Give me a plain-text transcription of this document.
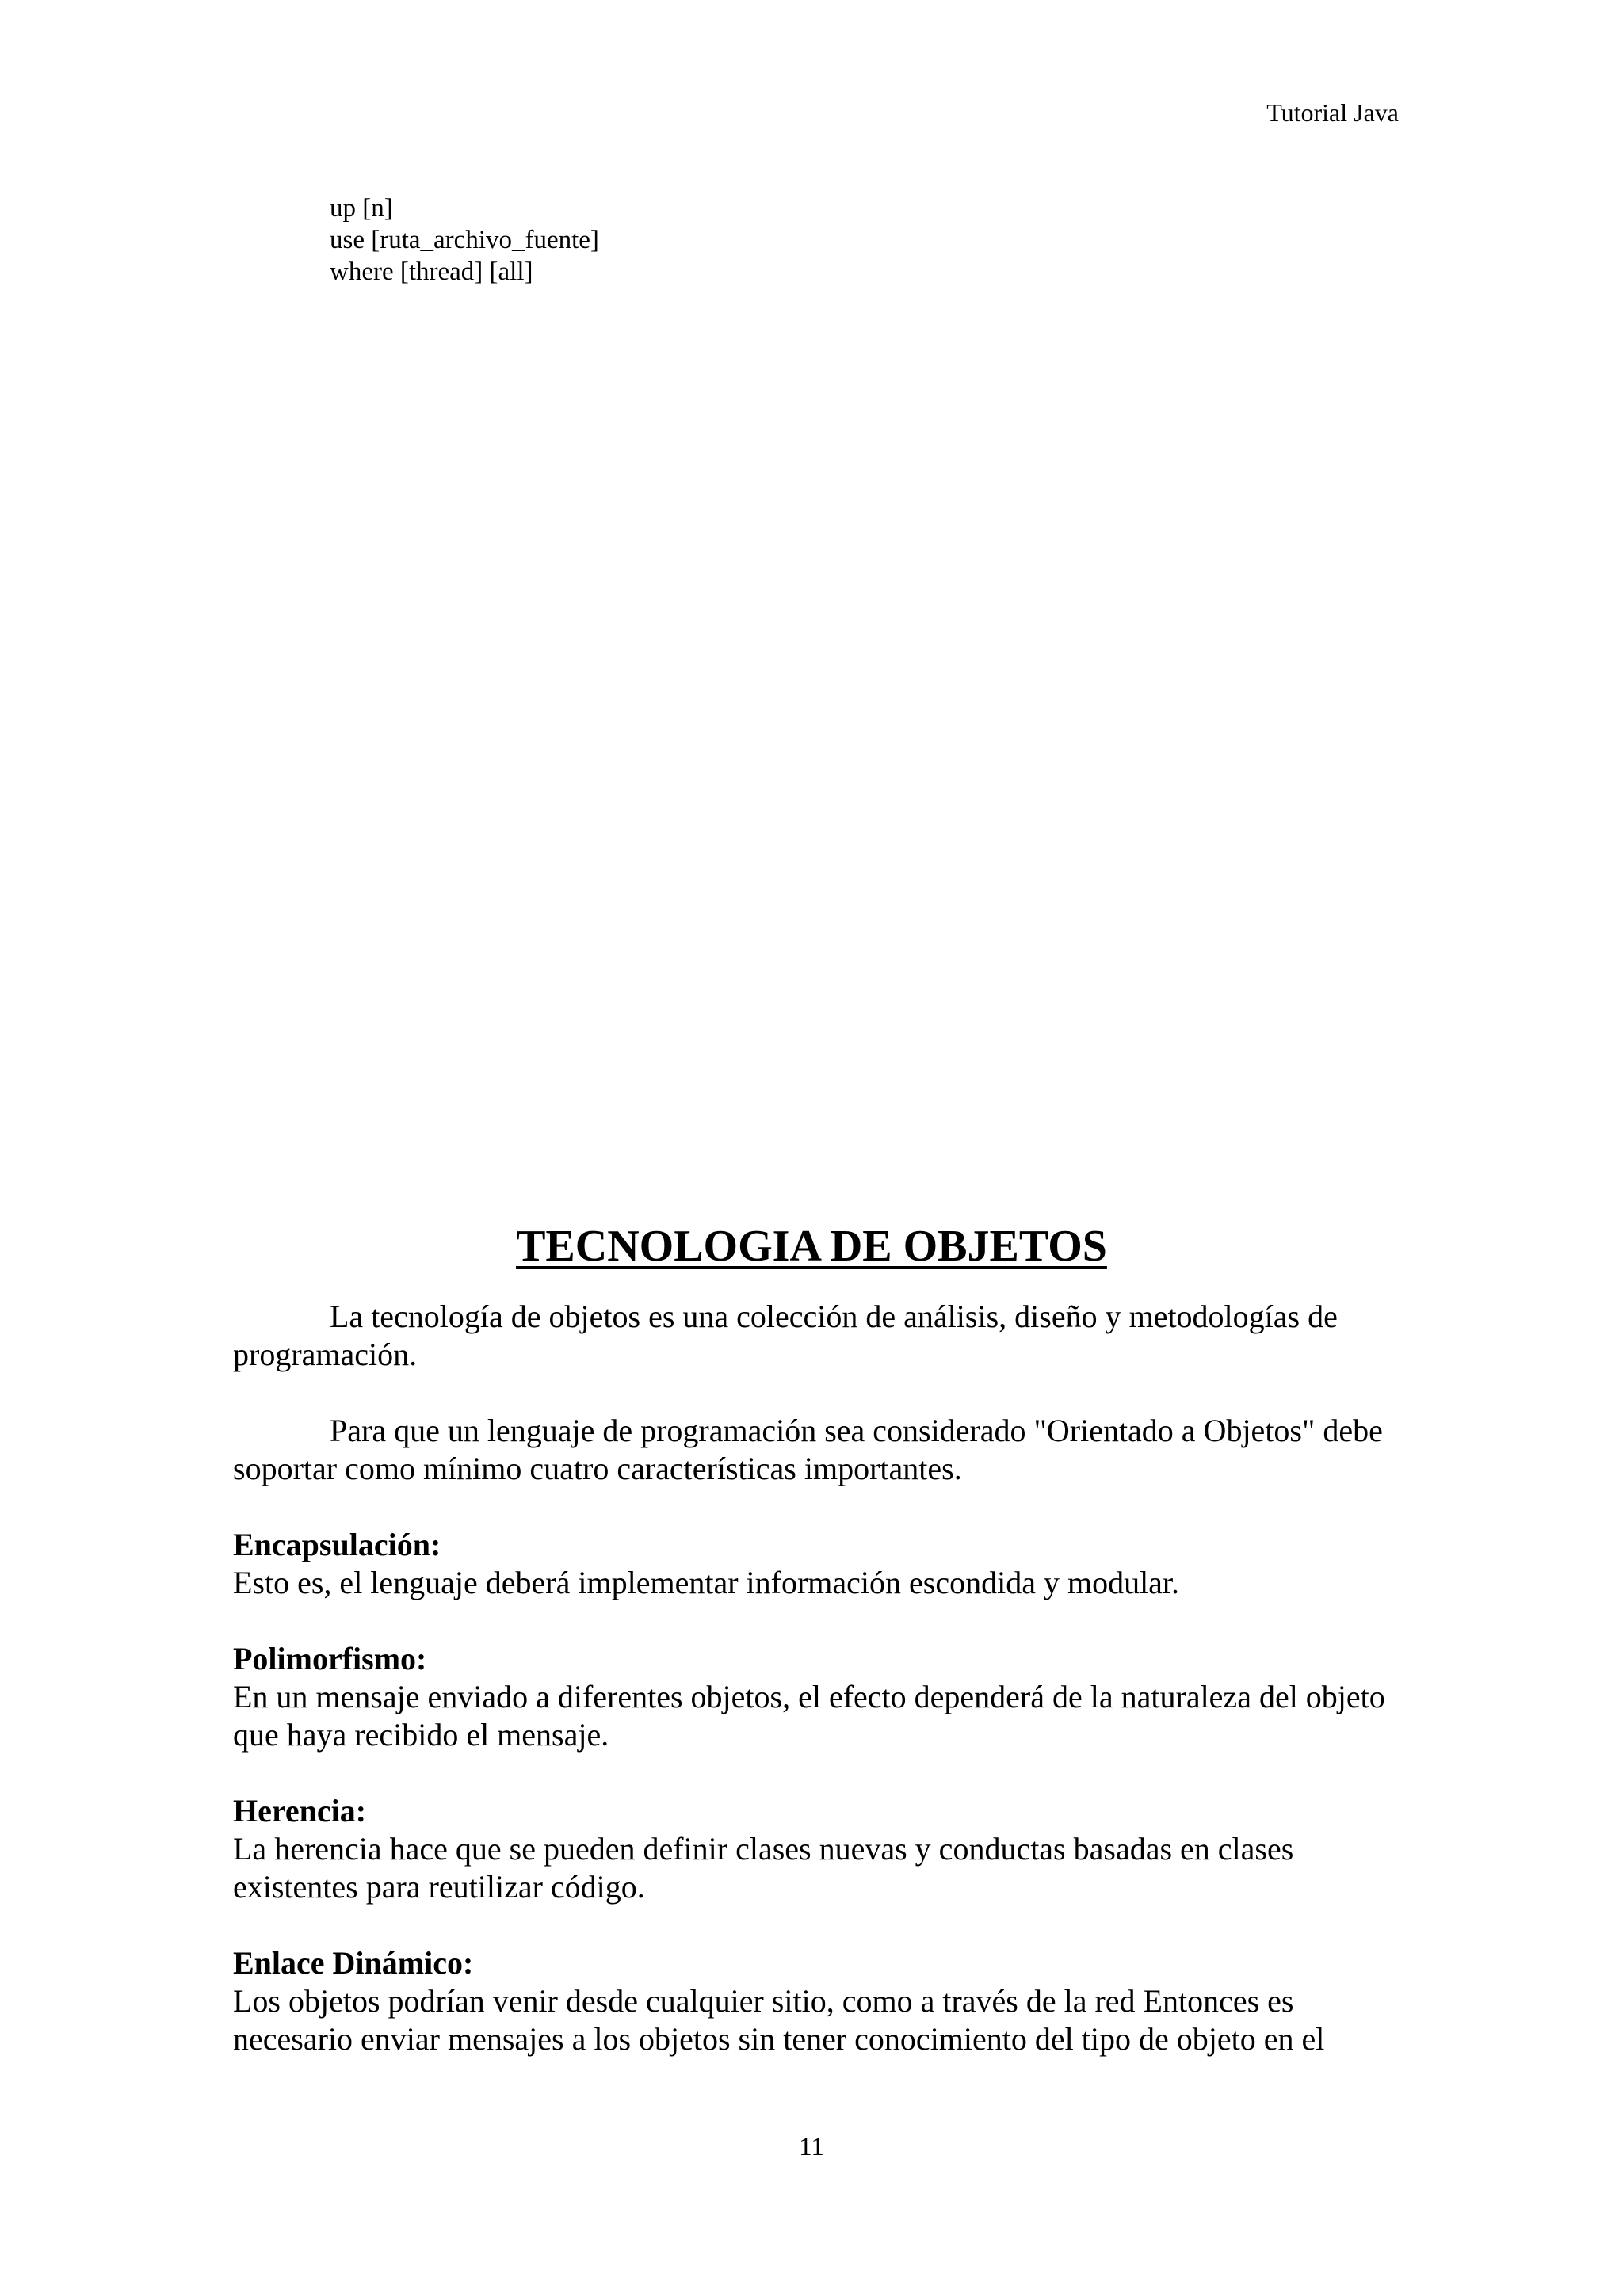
Tutorial Java
up [n]
use [ruta_archivo_fuente]
where [thread] [all]
TECNOLOGIA DE OBJETOS

La tecnología de objetos es una colección de análisis, diseño y metodologías de programación.

Para que un lenguaje de programación sea considerado "Orientado a Objetos" debe soportar como mínimo cuatro características importantes.

Encapsulación:
Esto es, el lenguaje deberá implementar información escondida y modular.
Polimorfismo:
En un mensaje enviado a diferentes objetos, el efecto dependerá de la naturaleza del objeto que haya recibido el mensaje.
Herencia:
La herencia hace que se pueden definir clases nuevas y conductas basadas en clases existentes para reutilizar código.
Enlace Dinámico:
Los objetos podrían venir desde cualquier sitio, como a través de la red Entonces es necesario enviar mensajes a los objetos sin tener conocimiento del tipo de objeto en el
11
